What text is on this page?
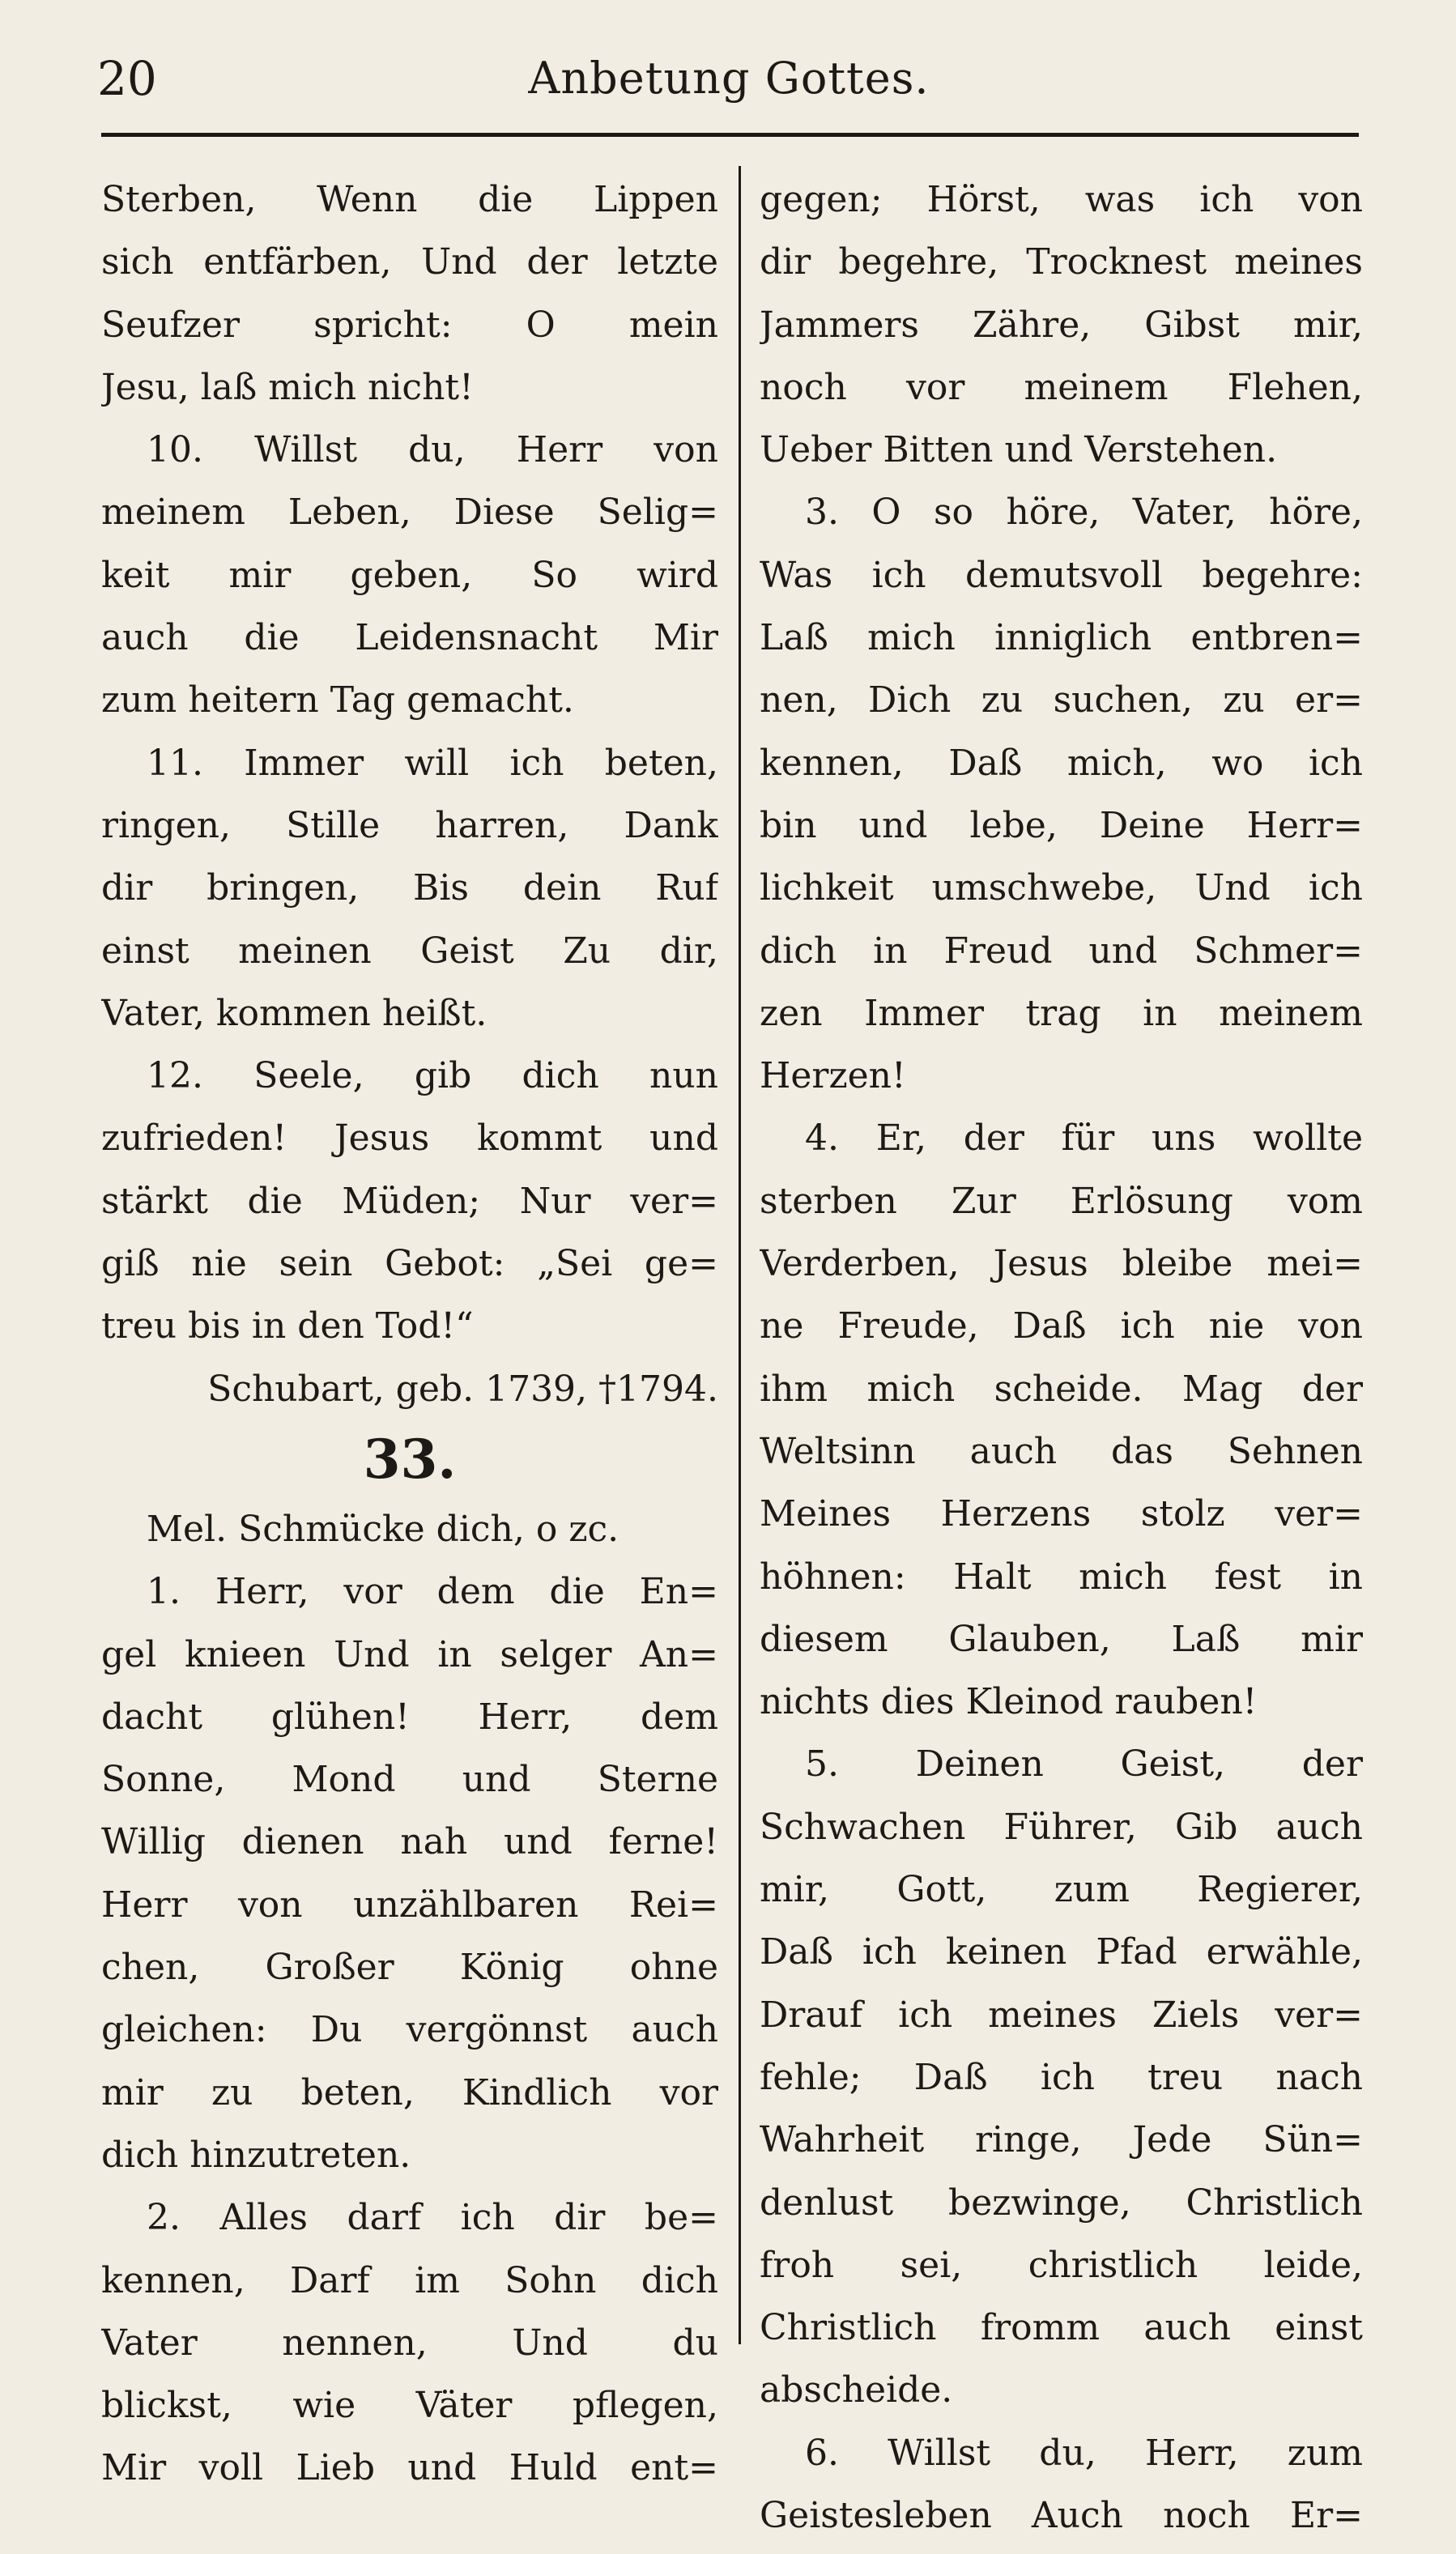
20	Anbetung Gottes.
Sterben, Wenn die Lippen
sich entfärben, Und der letzte
Seufzer spricht: O mein
Jesu, laß mich nicht!
10. Willst du, Herr von
meinem Leben, Diese Selig=
keit mir geben, So wird
auch die Leidensnacht Mir
zum heitern Tag gemacht.
11. Immer will ich beten,
ringen, Stille harren, Dank
dir bringen, Bis dein Ruf
einst meinen Geist Zu dir,
Vater, kommen heißt.
12. Seele, gib dich nun
zufrieden! Jesus kommt und
stärkt die Müden; Nur ver=
giß nie sein Gebot: „Sei ge=
treu bis in den Tod!“
Schubart, geb. 1739, †1794.
33.
Mel. Schmücke dich, o zc.
1. Herr, vor dem die En=
gel knieen Und in selger An=
dacht glühen! Herr, dem
Sonne, Mond und Sterne
Willig dienen nah und ferne!
Herr von unzählbaren Rei=
chen, Großer König ohne
gleichen: Du vergönnst auch
mir zu beten, Kindlich vor
dich hinzutreten.
2. Alles darf ich dir be=
kennen, Darf im Sohn dich
Vater nennen, Und du
blickst, wie Väter pflegen,
Mir voll Lieb und Huld ent=
gegen; Hörst, was ich von
dir begehre, Trocknest meines
Jammers Zähre, Gibst mir,
noch vor meinem Flehen,
Ueber Bitten und Verstehen.
3. O so höre, Vater, höre,
Was ich demutsvoll begehre:
Laß mich inniglich entbren=
nen, Dich zu suchen, zu er=
kennen, Daß mich, wo ich
bin und lebe, Deine Herr=
lichkeit umschwebe, Und ich
dich in Freud und Schmer=
zen Immer trag in meinem
Herzen!
4. Er, der für uns wollte
sterben Zur Erlösung vom
Verderben, Jesus bleibe mei=
ne Freude, Daß ich nie von
ihm mich scheide. Mag der
Weltsinn auch das Sehnen
Meines Herzens stolz ver=
höhnen: Halt mich fest in
diesem Glauben, Laß mir
nichts dies Kleinod rauben!
5. Deinen Geist, der
Schwachen Führer, Gib auch
mir, Gott, zum Regierer,
Daß ich keinen Pfad erwähle,
Drauf ich meines Ziels ver=
fehle; Daß ich treu nach
Wahrheit ringe, Jede Sün=
denlust bezwinge, Christlich
froh sei, christlich leide,
Christlich fromm auch einst
abscheide.
6. Willst du, Herr, zum
Geistesleben Auch noch Er=
